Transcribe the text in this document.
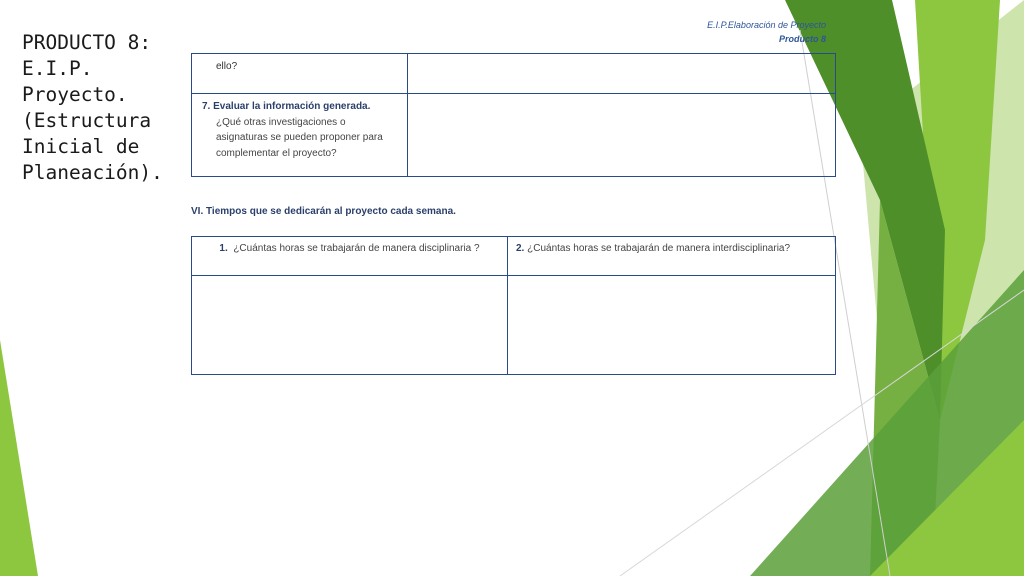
PRODUCTO 8:
E.I.P.
Proyecto.
(Estructura
Inicial de
Planeación).
E.I.P.Elaboración de Proyecto
Producto 8
ello?	

7. Evaluar la información generada.
¿Qué otras investigaciones o asignaturas se pueden proponer para complementar el proyecto?	

VI. Tiempos que se dedicarán al proyecto cada semana.

1. ¿Cuántas horas se trabajarán de manera disciplinaria ?	2. ¿Cuántas horas se trabajarán de manera interdisciplinaria?
